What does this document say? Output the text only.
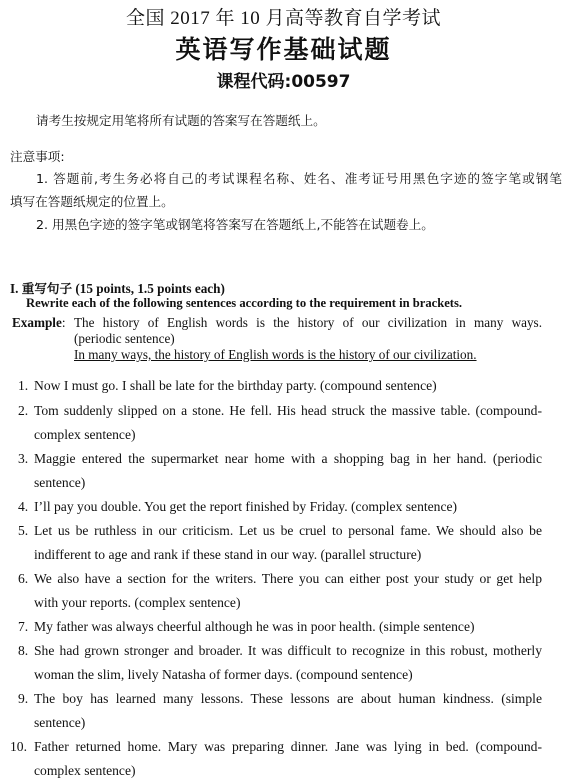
全国 2017 年 10 月高等教育自学考试
英语写作基础试题
课程代码:00597
请考生按规定用笔将所有试题的答案写在答题纸上。
注意事项:
1. 答题前,考生务必将自己的考试课程名称、姓名、准考证号用黑色字迹的签字笔或钢笔
填写在答题纸规定的位置上。
2. 用黑色字迹的签字笔或钢笔将答案写在答题纸上,不能答在试题卷上。
I. 重写句子 (15 points, 1.5 points each)
Rewrite each of the following sentences according to the requirement in brackets.
Example: The history of English words is the history of our civilization in many ways.
(periodic sentence)
In many ways, the history of English words is the history of our civilization.
1. Now I must go. I shall be late for the birthday party. (compound sentence)
2. Tom suddenly slipped on a stone. He fell. His head struck the massive table. (compound-
complex sentence)
3. Maggie entered the supermarket near home with a shopping bag in her hand. (periodic
sentence)
4. I’ll pay you double. You get the report finished by Friday. (complex sentence)
5. Let us be ruthless in our criticism. Let us be cruel to personal fame. We should also be
indifferent to age and rank if these stand in our way. (parallel structure)
6. We also have a section for the writers. There you can either post your study or get help
with your reports. (complex sentence)
7. My father was always cheerful although he was in poor health. (simple sentence)
8. She had grown stronger and broader. It was difficult to recognize in this robust, motherly
woman the slim, lively Natasha of former days. (compound sentence)
9. The boy has learned many lessons. These lessons are about human kindness. (simple
sentence)
10. Father returned home. Mary was preparing dinner. Jane was lying in bed. (compound-
complex sentence)
